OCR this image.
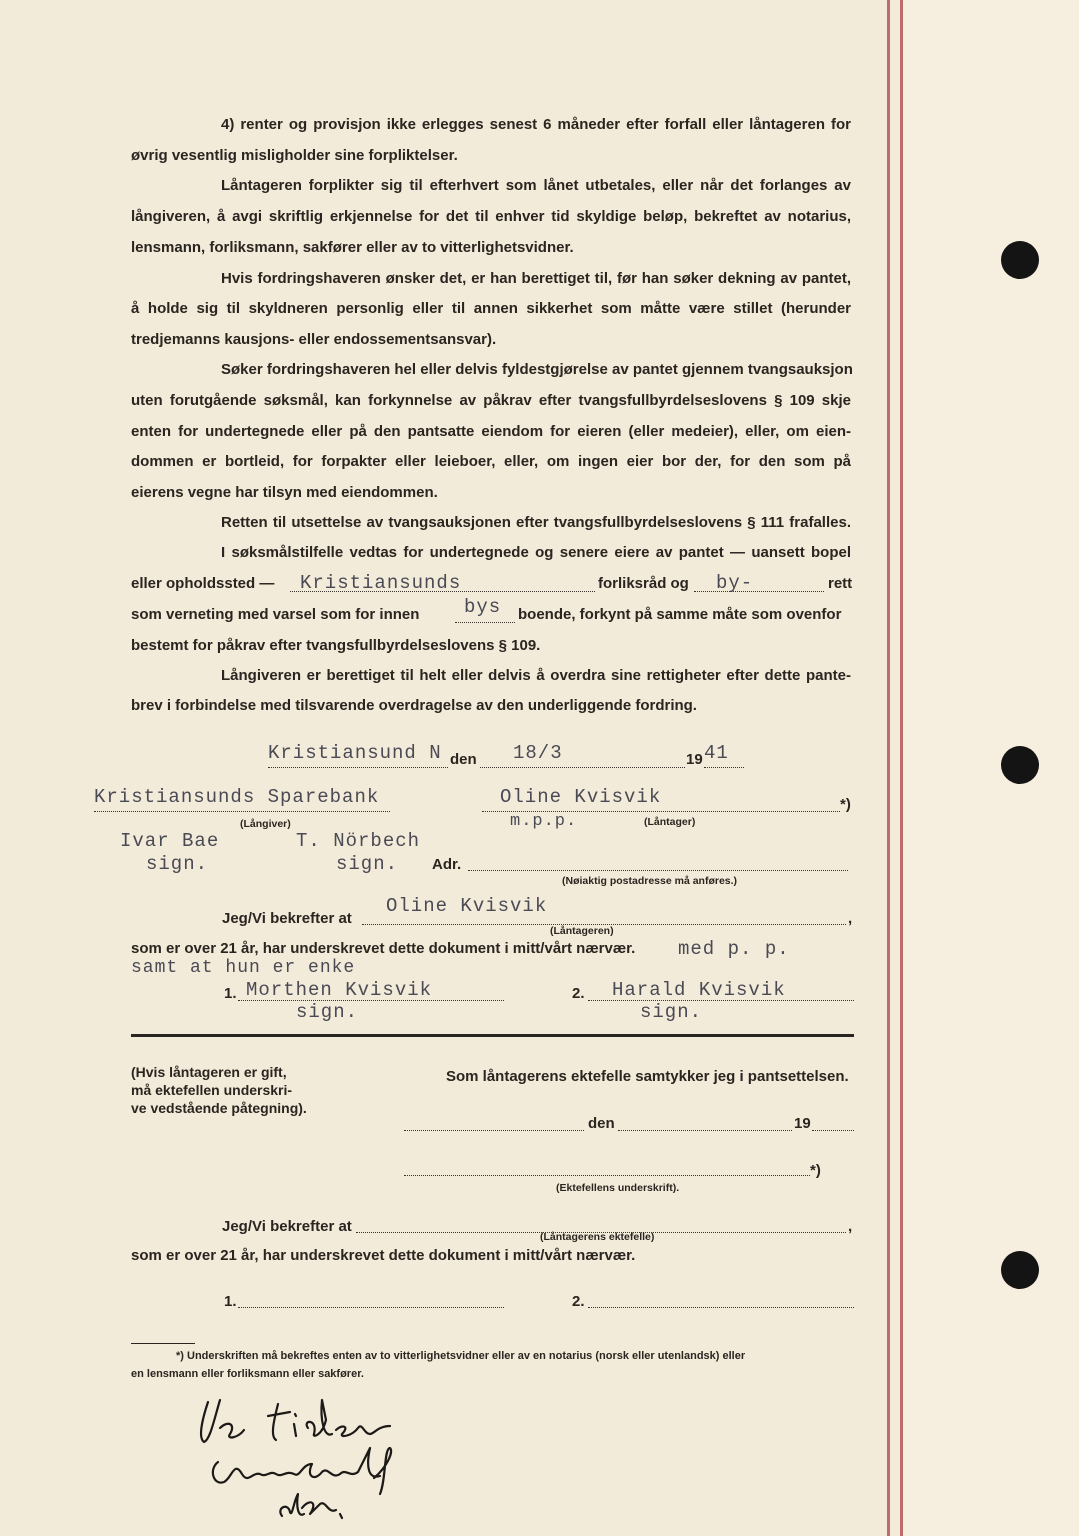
4) renter og provisjon ikke erlegges senest 6 måneder efter forfall eller låntageren for
øvrig vesentlig misligholder sine forpliktelser.
Låntageren forplikter sig til efterhvert som lånet utbetales, eller når det forlanges av
långiveren, å avgi skriftlig erkjennelse for det til enhver tid skyldige beløp, bekreftet av notarius,
lensmann, forliksmann, sakfører eller av to vitterlighetsvidner.
Hvis fordringshaveren ønsker det, er han berettiget til, før han søker dekning av pantet,
å holde sig til skyldneren personlig eller til annen sikkerhet som måtte være stillet (herunder
tredjemanns kausjons- eller endossementsansvar).
Søker fordringshaveren hel eller delvis fyldestgjørelse av pantet gjennem tvangsauksjon
uten forutgående søksmål, kan forkynnelse av påkrav efter tvangsfullbyrdelseslovens § 109 skje
enten for undertegnede eller på den pantsatte eiendom for eieren (eller medeier), eller, om eien-
dommen er bortleid, for forpakter eller leieboer, eller, om ingen eier bor der, for den som på
eierens vegne har tilsyn med eiendommen.
Retten til utsettelse av tvangsauksjonen efter tvangsfullbyrdelseslovens § 111 frafalles.
I søksmålstilfelle vedtas for undertegnede og senere eiere av pantet — uansett bopel
eller opholdssted — Kristiansunds	forliksråd og by-	rett
som verneting med varsel som for innen bys boende, forkynt på samme måte som ovenfor
bestemt for påkrav efter tvangsfullbyrdelseslovens § 109.
Långiveren er berettiget til helt eller delvis å overdra sine rettigheter efter dette pante-
brev i forbindelse med tilsvarende overdragelse av den underliggende fordring.
Kristiansund N den 18/3	19 41
Kristiansunds Sparebank	Oline Kvisvik	*)
(Långiver)	m.p.p.	(Låntager)
Ivar Bae
sign.
T. Nörbech
sign. Adr.
(Nøiaktig postadresse må anføres.)
Jeg/Vi bekrefter at
Oline Kvisvik
,
(Låntageren)
som er over 21 år, har underskrevet dette dokument i mitt/vårt nærvær. med p. p.
samt at hun er enke
1. Morthen Kvisvik
sign.
2. Harald Kvisvik
sign.
(Hvis låntageren er gift,
må ektefellen underskri-
ve vedstående påtegning).
Som låntagerens ektefelle samtykker jeg i pantsettelsen.
den	19
*)
(Ektefellens underskrift).
Jeg/Vi bekrefter at	,
(Låntagerens ektefelle)
som er over 21 år, har underskrevet dette dokument i mitt/vårt nærvær.
1.	2.
*) Underskriften må bekreftes enten av to vitterlighetsvidner eller av en notarius (norsk eller utenlandsk) eller
en lensmann eller forliksmann eller sakfører.
